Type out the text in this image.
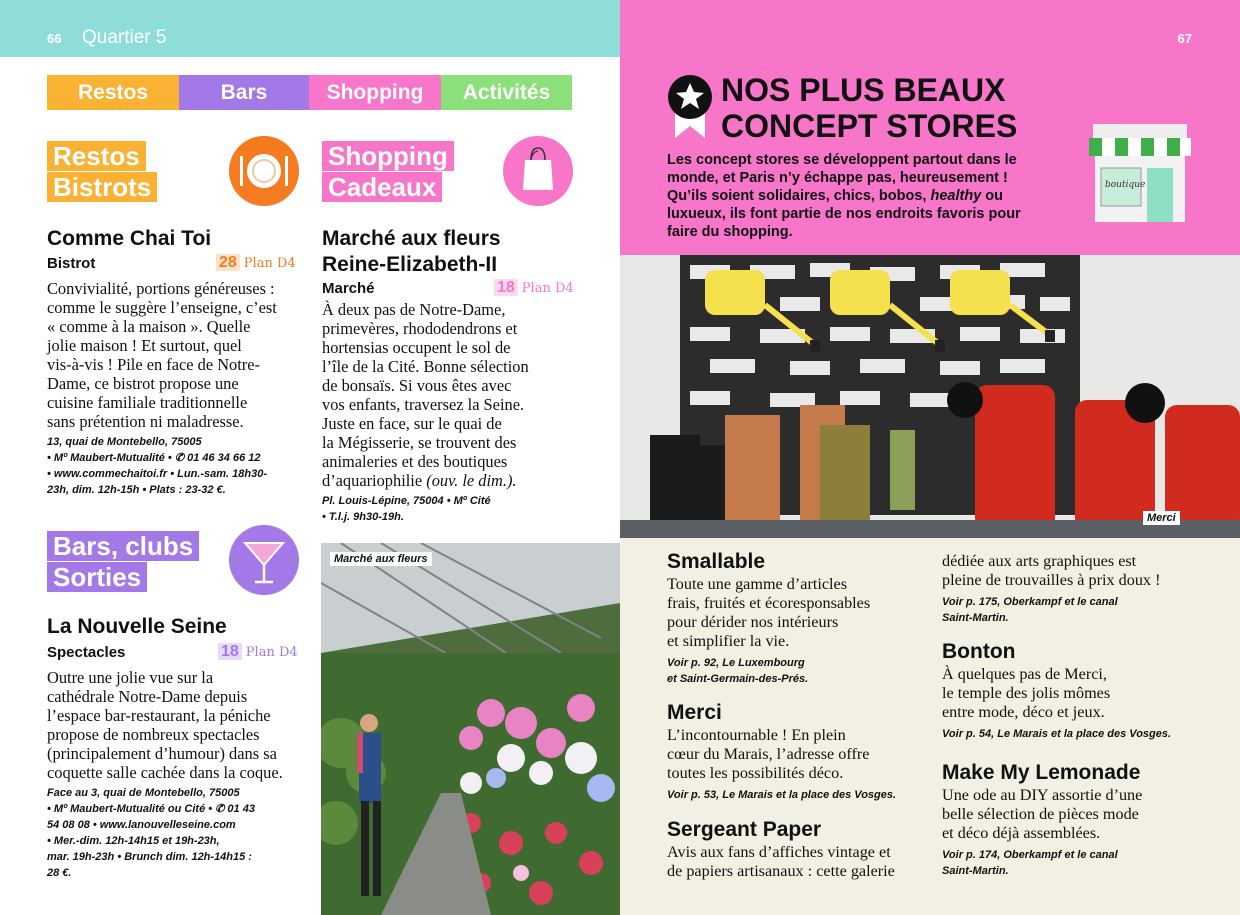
66 Quartier 5
Restos	Bars	Shopping	Activités
Restos
Bistrots
Comme Chai Toi
Bistrot	28 Plan D4
Convivialité, portions généreuses :
comme le suggère l’enseigne, c’est
« comme à la maison ». Quelle
jolie maison ! Et surtout, quel
vis-à-vis ! Pile en face de Notre-
Dame, ce bistrot propose une
cuisine familiale traditionnelle
sans prétention ni maladresse.
13, quai de Montebello, 75005
• Mº Maubert-Mutualité • ✆ 01 46 34 66 12
• www.commechaitoi.fr • Lun.-sam. 18h30-
23h, dim. 12h-15h • Plats : 23-32 €.
Bars, clubs
Sorties
La Nouvelle Seine
Spectacles	18 Plan D4
Outre une jolie vue sur la
cathédrale Notre-Dame depuis
l’espace bar-restaurant, la péniche
propose de nombreux spectacles
(principalement d’humour) dans sa
coquette salle cachée dans la coque.
Face au 3, quai de Montebello, 75005
• Mº Maubert-Mutualité ou Cité • ✆ 01 43
54 08 08 • www.lanouvelleseine.com
• Mer.-dim. 12h-14h15 et 19h-23h,
mar. 19h-23h • Brunch dim. 12h-14h15 :
28 €.
Shopping
Cadeaux
Marché aux fleurs
Reine-Elizabeth-II
Marché	18 Plan D4
À deux pas de Notre-Dame,
primevères, rhododendrons et
hortensias occupent le sol de
l’île de la Cité. Bonne sélection
de bonsaïs. Si vous êtes avec
vos enfants, traversez la Seine.
Juste en face, sur le quai de
la Mégisserie, se trouvent des
animaleries et des boutiques
d’aquariophilie (ouv. le dim.).
Pl. Louis-Lépine, 75004 • Mº Cité
• T.l.j. 9h30-19h.
Marché aux fleurs
67
NOS PLUS BEAUX
CONCEPT STORES
Les concept stores se développent partout dans le
monde, et Paris n’y échappe pas, heureusement !
Qu’ils soient solidaires, chics, bobos, healthy ou
luxueux, ils font partie de nos endroits favoris pour
faire du shopping.
boutique
Merci
Smallable
Toute une gamme d’articles
frais, fruités et écoresponsables
pour dérider nos intérieurs
et simplifier la vie.
Voir p. 92, Le Luxembourg
et Saint-Germain-des-Prés.
Merci
L’incontournable ! En plein
cœur du Marais, l’adresse offre
toutes les possibilités déco.
Voir p. 53, Le Marais et la place des Vosges.
Sergeant Paper
Avis aux fans d’affiches vintage et
de papiers artisanaux : cette galerie
dédiée aux arts graphiques est
pleine de trouvailles à prix doux !
Voir p. 175, Oberkampf et le canal
Saint-Martin.
Bonton
À quelques pas de Merci,
le temple des jolis mômes
entre mode, déco et jeux.
Voir p. 54, Le Marais et la place des Vosges.
Make My Lemonade
Une ode au DIY assortie d’une
belle sélection de pièces mode
et déco déjà assemblées.
Voir p. 174, Oberkampf et le canal
Saint-Martin.
